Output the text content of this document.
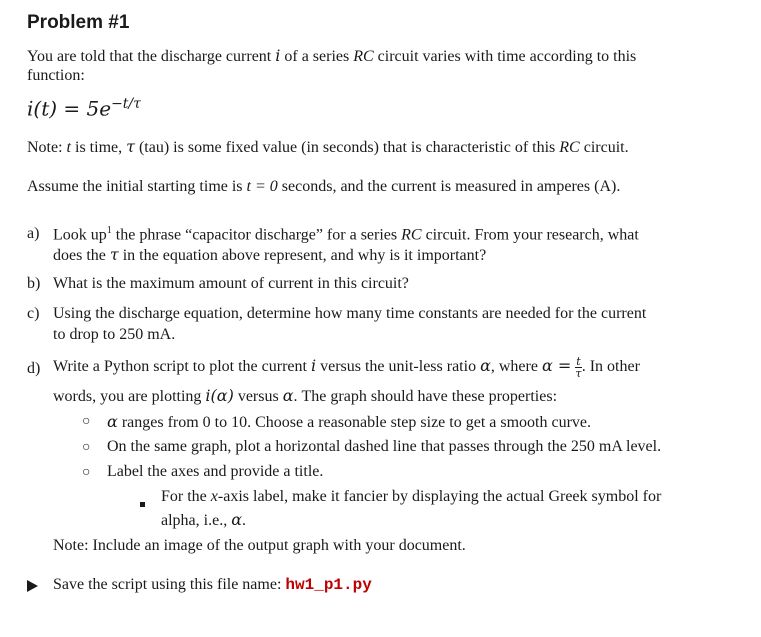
Problem #1
You are told that the discharge current i of a series RC circuit varies with time according to this
function:
$i(t) = 5e^{-t/\tau}$
Note: t is time, τ (tau) is some fixed value (in seconds) that is characteristic of this RC circuit.
Assume the initial starting time is t = 0 seconds, and the current is measured in amperes (A).
a) Look $up^1$ the phrase “capacitor discharge” for a series RC circuit. From your research, what
does the τ in the equation above represent, and why is it important?
b) What is the maximum amount of current in this circuit?
c) Using the discharge equation, determine how many time constants are needed for the current
to drop to 250 mA.
d) Write a Python script to plot the current i versus the unit-less ratio α, where $\alpha = \frac{t}{\tau}$ . In other
words, you are plotting i(α) versus α. The graph should have these properties:
○ α ranges from 0 to 10. Choose a reasonable step size to get a smooth curve.
○ On the same graph, plot a horizontal dashed line that passes through the 250 mA level.
○ Label the axes and provide a title.
For the x-axis label, make it fancier by displaying the actual Greek symbol for
alpha, i.e., α.
Note: Include an image of the output graph with your document.
Save the script using this file name: hw1_p1.py
